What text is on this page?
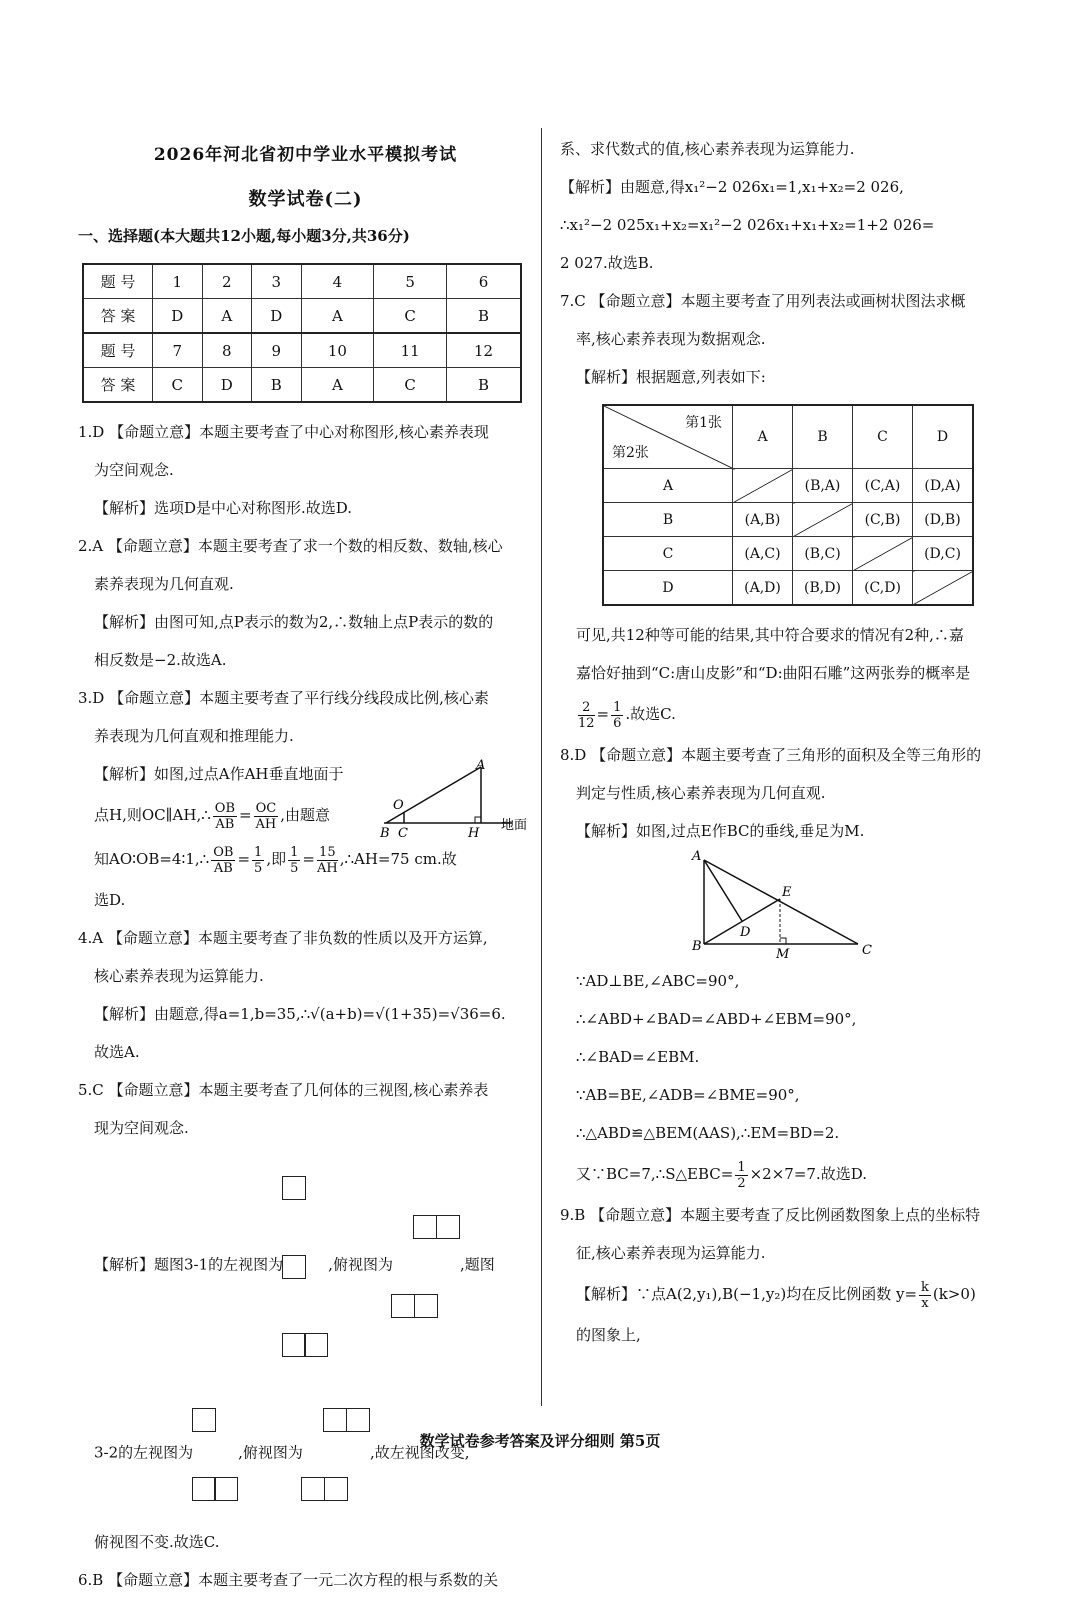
2026年河北省初中学业水平模拟考试
数学试卷(二)

一、选择题(本大题共12小题,每小题3分,共36分)

题 号	1	2	3	4	5	6
答 案	D	A	D	A	C	B
题 号	7	8	9	10	11	12
答 案	C	D	B	A	C	B

1.D 【命题立意】本题主要考查了中心对称图形,核心素养表现

为空间观念.

【解析】选项D是中心对称图形.故选D.

2.A 【命题立意】本题主要考查了求一个数的相反数、数轴,核心

素养表现为几何直观.

【解析】由图可知,点P表示的数为2,∴数轴上点P表示的数的

相反数是−2.故选A.

3.D 【命题立意】本题主要考查了平行线分线段成比例,核心素

养表现为几何直观和推理能力.

【解析】如图,过点A作AH垂直地面于

点H,则OC∥AH,∴ $\frac{OB}{AB} = \frac{OC}{AH}$ ,由题意

A
O
B C	H
地面

知AO∶OB=4∶1,∴ $\frac{OB}{AB} = \frac{1}{5}$ ,即 $\frac{1}{5} = \frac{15}{AH}$ ,∴AH=75 cm.故

选D.

4.A 【命题立意】本题主要考查了非负数的性质以及开方运算,

核心素养表现为运算能力.

【解析】由题意,得a=1,b=35,∴√(a+b)=√(1+35)=√36=6.

故选A.

5.C 【命题立意】本题主要考查了几何体的三视图,核心素养表

现为空间观念.

【解析】题图3-1的左视图为	,俯视图为	,题图

3-2的左视图为	,俯视图为	,故左视图改变,

俯视图不变.故选C.

6.B 【命题立意】本题主要考查了一元二次方程的根与系数的关

系、求代数式的值,核心素养表现为运算能力.

【解析】由题意,得x₁²−2 026x₁=1,x₁+x₂=2 026,

∴x₁²−2 025x₁+x₂=x₁²−2 026x₁+x₁+x₂=1+2 026=

2 027.故选B.

7.C 【命题立意】本题主要考查了用列表法或画树状图法求概

率,核心素养表现为数据观念.

【解析】根据题意,列表如下:

第1张
第2张	A	B	C	D
A		(B,A)	(C,A)	(D,A)
B	(A,B)		(C,B)	(D,B)
C	(A,C)	(B,C)		(D,C)
D	(A,D)	(B,D)	(C,D)	

可见,共12种等可能的结果,其中符合要求的情况有2种,∴嘉

嘉恰好抽到“C:唐山皮影”和“D:曲阳石雕”这两张券的概率是

$\frac{2}{12} = \frac{1}{6}$ .故选C.

8.D 【命题立意】本题主要考查了三角形的面积及全等三角形的

判定与性质,核心素养表现为几何直观.

【解析】如图,过点E作BC的垂线,垂足为M.

A
B	C
D
E
M

∵AD⊥BE,∠ABC=90°,

∴∠ABD+∠BAD=∠ABD+∠EBM=90°,

∴∠BAD=∠EBM.

∵AB=BE,∠ADB=∠BME=90°,

∴△ABD≌△BEM(AAS),∴EM=BD=2.

又∵BC=7,∴S△EBC= $\frac{1}{2} \times 2\times 7=7$.故选D.

9.B 【命题立意】本题主要考查了反比例函数图象上点的坐标特

征,核心素养表现为运算能力.

【解析】∵点A(2,y₁),B(−1,y₂)均在反比例函数 $y= \frac{k}{x} (k>0)$

的图象上,

数学试卷参考答案及评分细则 第5页
